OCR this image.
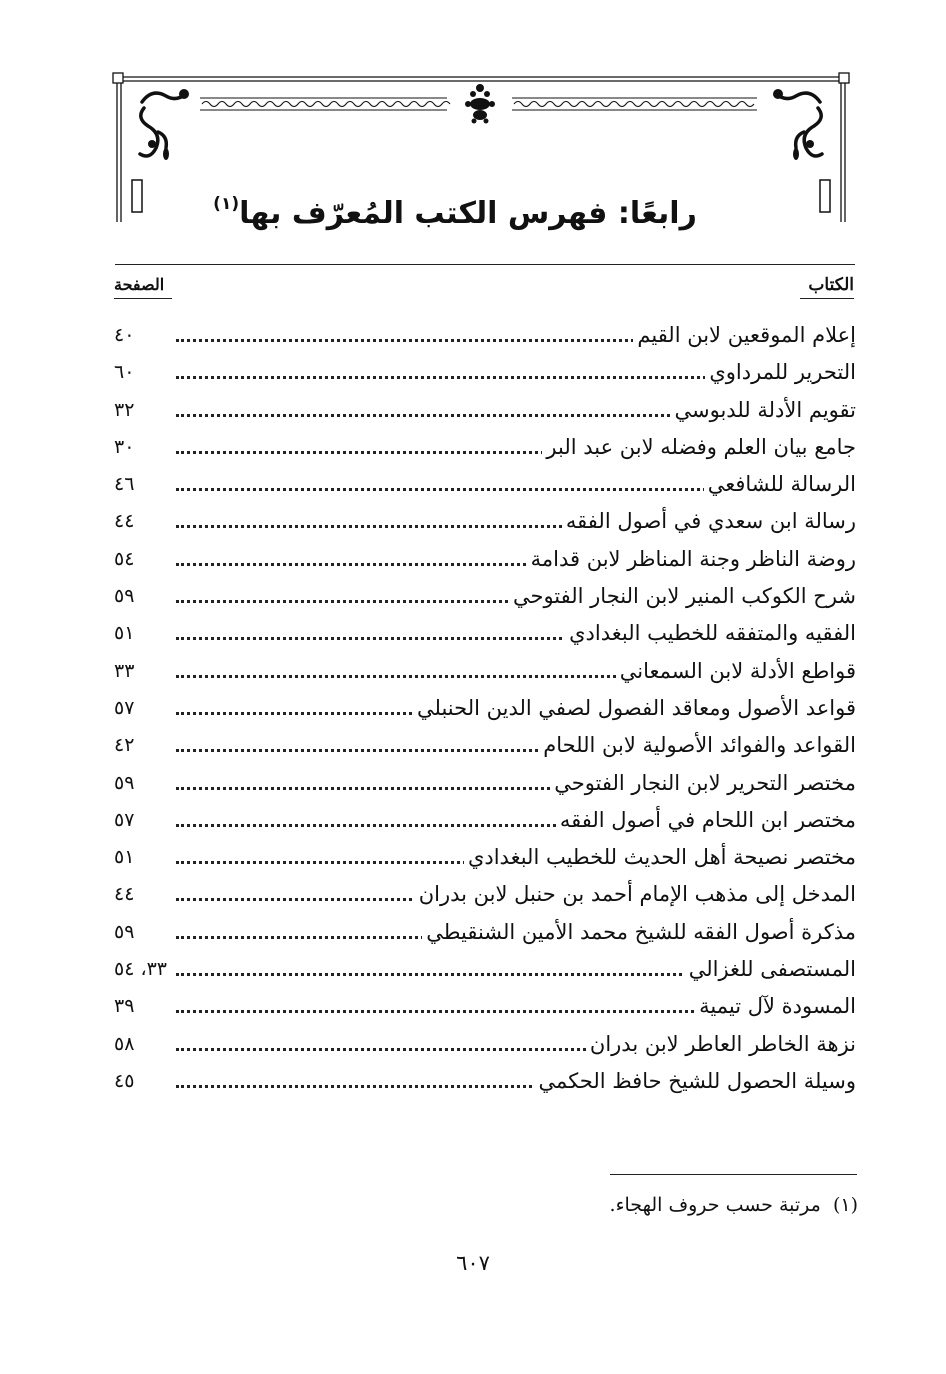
رابعًا: فهرس الكتب المُعرّف بها$^{(١)}$
الكتاب
الصفحة
إعلام الموقعين لابن القيم
٤٠
التحرير للمرداوي
٦٠
تقويم الأدلة للدبوسي
٣٢
جامع بيان العلم وفضله لابن عبد البر
٣٠
الرسالة للشافعي
٤٦
رسالة ابن سعدي في أصول الفقه
٤٤
روضة الناظر وجنة المناظر لابن قدامة
٥٤
شرح الكوكب المنير لابن النجار الفتوحي
٥٩
الفقيه والمتفقه للخطيب البغدادي
٥١
قواطع الأدلة لابن السمعاني
٣٣
قواعد الأصول ومعاقد الفصول لصفي الدين الحنبلي
٥٧
القواعد والفوائد الأصولية لابن اللحام
٤٢
مختصر التحرير لابن النجار الفتوحي
٥٩
مختصر ابن اللحام في أصول الفقه
٥٧
مختصر نصيحة أهل الحديث للخطيب البغدادي
٥١
المدخل إلى مذهب الإمام أحمد بن حنبل لابن بدران
٤٤
مذكرة أصول الفقه للشيخ محمد الأمين الشنقيطي
٥٩
المستصفى للغزالي
٣٣، ٥٤
المسودة لآل تيمية
٣٩
نزهة الخاطر العاطر لابن بدران
٥٨
وسيلة الحصول للشيخ حافظ الحكمي
٤٥
(١)  مرتبة حسب حروف الهجاء.
٦٠٧
